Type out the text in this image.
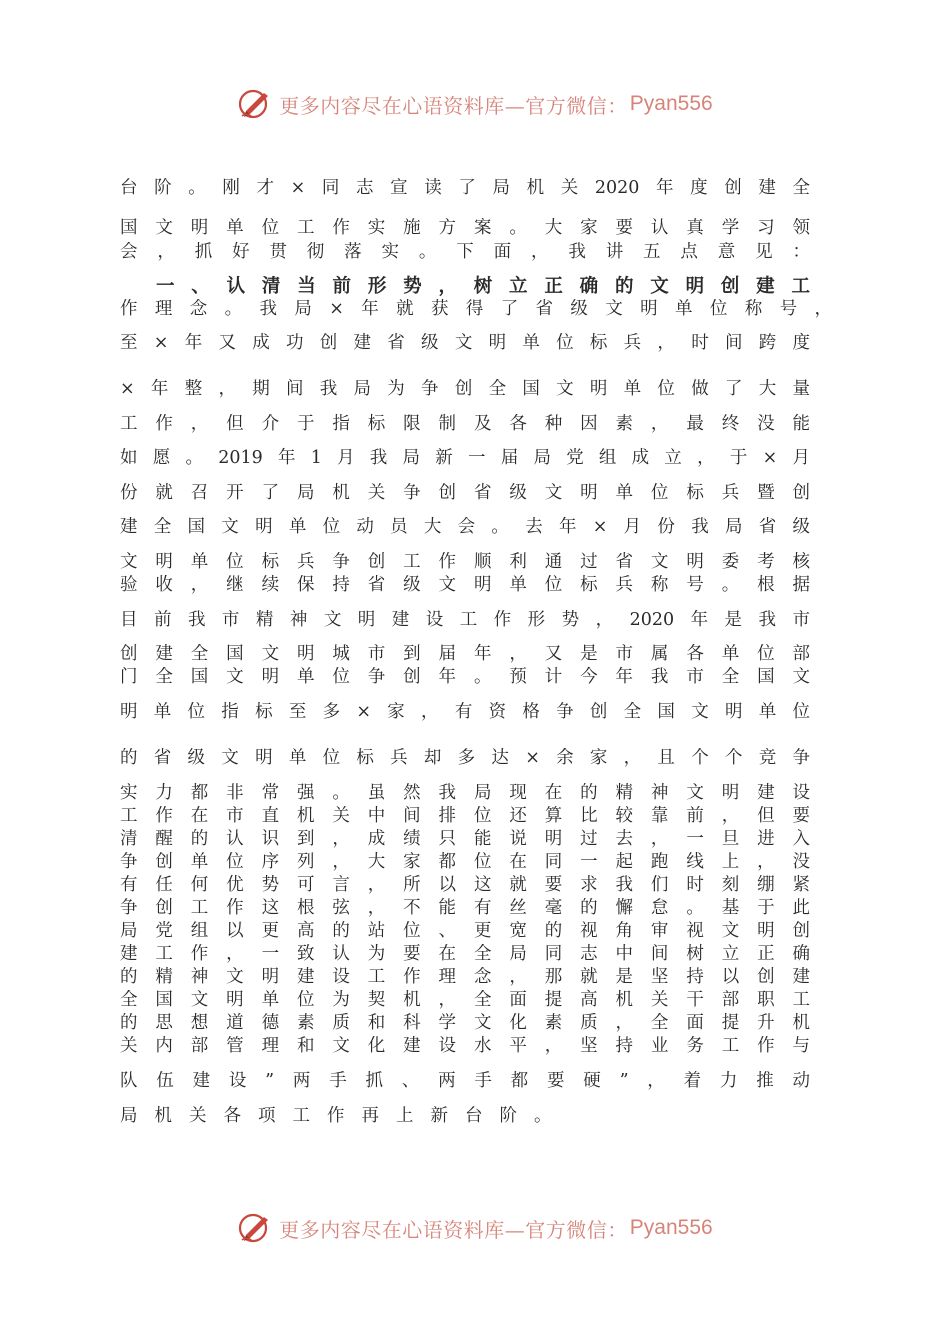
更多内容尽在心语资料库—官方微信： Pyan556
台阶。刚才×同志宣读了局机关2020年度创建全
国文明单位工作实施方案。大家要认真学习领
会，抓好贯彻落实。下面，我讲五点意见：
一、认清当前形势，树立正确的文明创建工
作理念。我局×年就获得了省级文明单位称号，
至×年又成功创建省级文明单位标兵，时间跨度
×年整，期间我局为争创全国文明单位做了大量
工作，但介于指标限制及各种因素，最终没能
如愿。2019年1月我局新一届局党组成立，于×月
份就召开了局机关争创省级文明单位标兵暨创
建全国文明单位动员大会。去年×月份我局省级
文明单位标兵争创工作顺利通过省文明委考核
验收，继续保持省级文明单位标兵称号。根据
目前我市精神文明建设工作形势，2020年是我市
创建全国文明城市到届年，又是市属各单位部
门全国文明单位争创年。预计今年我市全国文
明单位指标至多×家，有资格争创全国文明单位
的省级文明单位标兵却多达×余家，且个个竞争
实力都非常强。虽然我局现在的精神文明建设
工作在市直机关中间排位还算比较靠前，但要
清醒的认识到，成绩只能说明过去，一旦进入
争创单位序列，大家都位在同一起跑线上，没
有任何优势可言，所以这就要求我们时刻绷紧
争创工作这根弦，不能有丝毫的懈怠。基于此
局党组以更高的站位、更宽的视角审视文明创
建工作，一致认为要在全局同志中间树立正确
的精神文明建设工作理念，那就是坚持以创建
全国文明单位为契机，全面提高机关干部职工
的思想道德素质和科学文化素质，全面提升机
关内部管理和文化建设水平，坚持业务工作与
队伍建设”两手抓、两手都要硬”，着力推动
局机关各项工作再上新台阶。
更多内容尽在心语资料库—官方微信： Pyan556
